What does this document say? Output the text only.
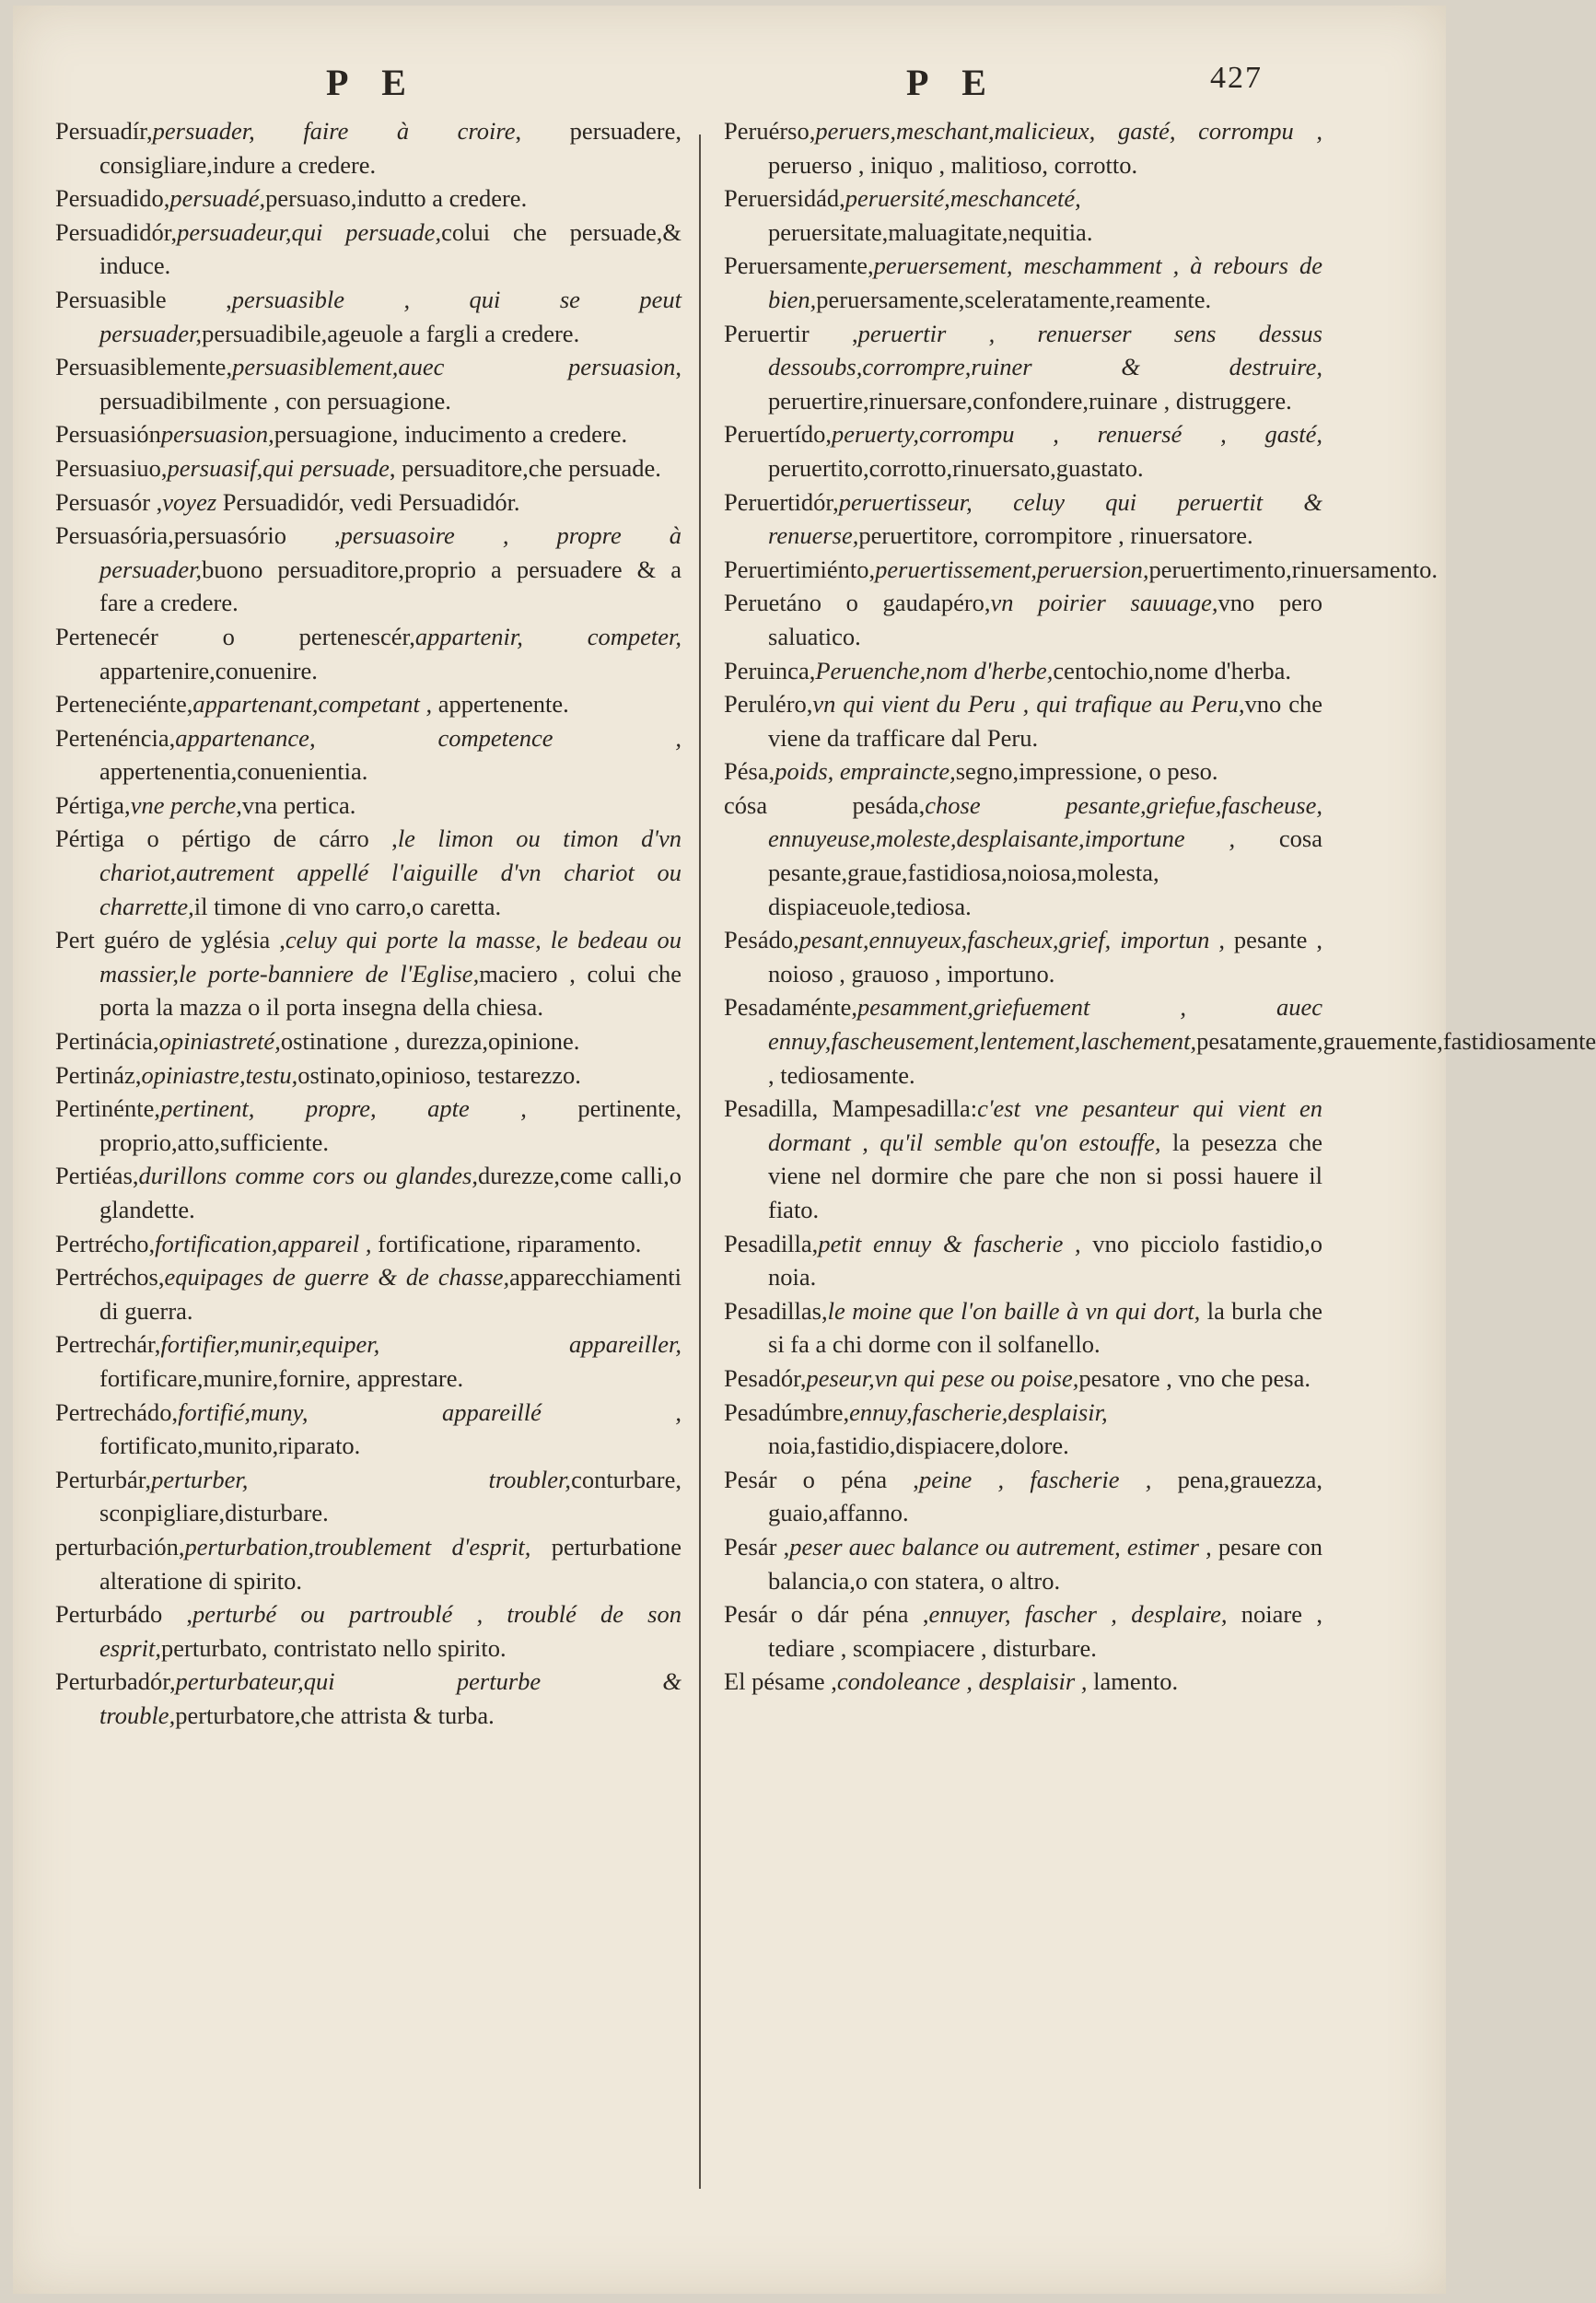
P E	P E	427

Persuadír,persuader, faire à croire, persuadere, consigliare,indure a credere.

Persuadido,persuadé,persuaso,indutto a credere.

Persuadidór,persuadeur,qui persuade,colui che persuade,& induce.

Persuasible ,persuasible , qui se peut persuader,persuadibile,ageuole a fargli a credere.

Persuasiblemente,persuasiblement,auec persuasion, persuadibilmente , con persuagione.

Persuasiónpersuasion,persuagione, inducimento a credere.

Persuasiuo,persuasif,qui persuade, persuaditore,che persuade.

Persuasór ,voyez Persuadidór, vedi Persuadidór.

Persuasória,persuasório ,persuasoire , propre à persuader,buono persuaditore,proprio a persuadere & a fare a credere.

Pertenecér o pertenescér,appartenir, competer, appartenire,conuenire.

Perteneciénte,appartenant,competant , appertenente.

Pertenéncia,appartenance, competence , appertenentia,conuenientia.

Pértiga,vne perche,vna pertica.

Pértiga o pértigo de cárro ,le limon ou timon d'vn chariot,autrement appellé l'aiguille d'vn chariot ou charrette,il timone di vno carro,o caretta.

Pert guéro de yglésia ,celuy qui porte la masse, le bedeau ou massier,le porte-banniere de l'Eglise,maciero , colui che porta la mazza o il porta insegna della chiesa.

Pertinácia,opiniastreté,ostinatione , durezza,opinione.

Pertináz,opiniastre,testu,ostinato,opinioso, testarezzo.

Pertinénte,pertinent, propre, apte , pertinente, proprio,atto,sufficiente.

Pertiéas,durillons comme cors ou glandes,durezze,come calli,o glandette.

Pertrécho,fortification,appareil , fortificatione, riparamento.

Pertréchos,equipages de guerre & de chasse,apparecchiamenti di guerra.

Pertrechár,fortifier,munir,equiper, appareiller, fortificare,munire,fornire, apprestare.

Pertrechádo,fortifié,muny, appareillé , fortificato,munito,riparato.

Perturbár,perturber, troubler,conturbare, sconpigliare,disturbare.

perturbación,perturbation,troublement d'esprit, perturbatione alteratione di spirito.

Perturbádo ,perturbé ou partroublé , troublé de son esprit,perturbato, contristato nello spirito.

Perturbadór,perturbateur,qui perturbe & trouble,perturbatore,che attrista & turba.

Peruérso,peruers,meschant,malicieux, gasté, corrompu , peruerso , iniquo , malitioso, corrotto.

Peruersidád,peruersité,meschanceté, peruersitate,maluagitate,nequitia.

Peruersamente,peruersement, meschamment , à rebours de bien,peruersamente,sceleratamente,reamente.

Peruertir ,peruertir , renuerser sens dessus dessoubs,corrompre,ruiner & destruire, peruertire,rinuersare,confondere,ruinare , distruggere.

Peruertído,peruerty,corrompu , renuersé , gasté, peruertito,corrotto,rinuersato,guastato.

Peruertidór,peruertisseur, celuy qui peruertit & renuerse,peruertitore, corrompitore , rinuersatore.

Peruertimiénto,peruertissement,peruersion,peruertimento,rinuersamento.

Peruetáno o gaudapéro,vn poirier sauuage,vno pero saluatico.

Peruinca,Peruenche,nom d'herbe,centochio,nome d'herba.

Peruléro,vn qui vient du Peru , qui trafique au Peru,vno che viene da trafficare dal Peru.

Pésa,poids, empraincte,segno,impressione, o peso.

cósa pesáda,chose pesante,griefue,fascheuse, ennuyeuse,moleste,desplaisante,importune , cosa pesante,graue,fastidiosa,noiosa,molesta, dispiaceuole,tediosa.

Pesádo,pesant,ennuyeux,fascheux,grief, importun , pesante , noioso , grauoso , importuno.

Pesadaménte,pesamment,griefuement , auec ennuy,fascheusement,lentement,laschement,pesatamente,grauemente,fastidiosamente , tediosamente.

Pesadilla, Mampesadilla:c'est vne pesanteur qui vient en dormant , qu'il semble qu'on estouffe, la pesezza che viene nel dormire che pare che non si possi hauere il fiato.

Pesadilla,petit ennuy & fascherie , vno picciolo fastidio,o noia.

Pesadillas,le moine que l'on baille à vn qui dort, la burla che si fa a chi dorme con il solfanello.

Pesadór,peseur,vn qui pese ou poise,pesatore , vno che pesa.

Pesadúmbre,ennuy,fascherie,desplaisir, noia,fastidio,dispiacere,dolore.

Pesár o péna ,peine , fascherie , pena,grauezza, guaio,affanno.

Pesár ,peser auec balance ou autrement, estimer , pesare con balancia,o con statera, o altro.

Pesár o dár péna ,ennuyer, fascher , desplaire, noiare , tediare , scompiacere , disturbare.

El pésame ,condoleance , desplaisir , lamento.
